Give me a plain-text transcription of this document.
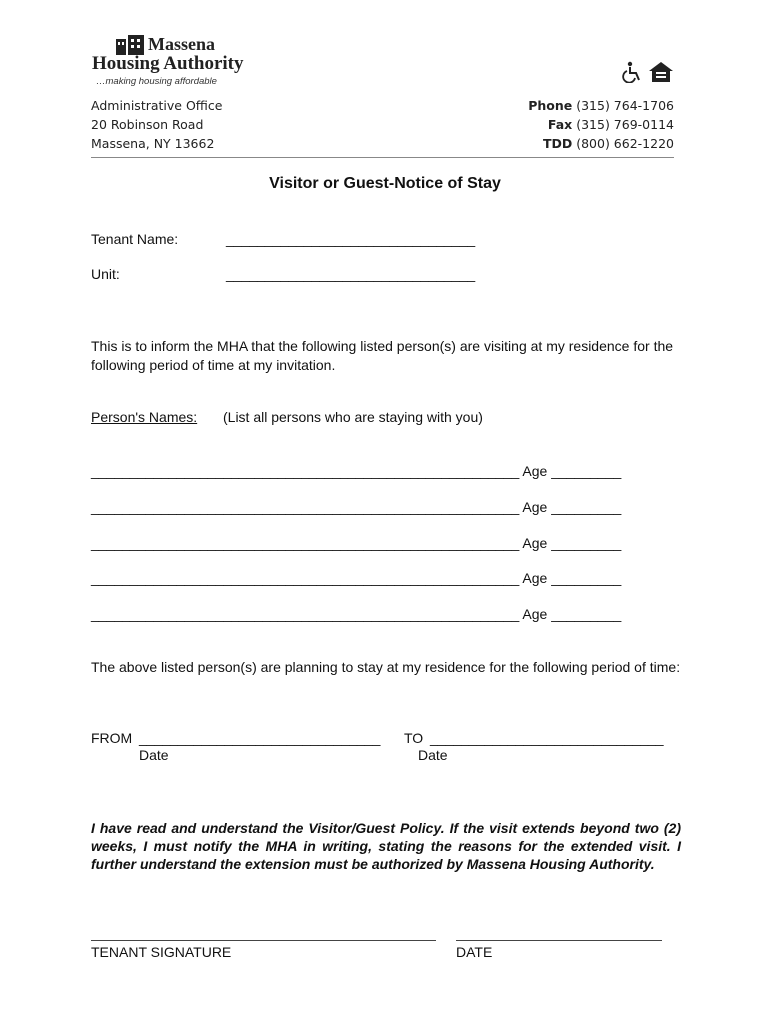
Massena
Housing Authority
…making housing affordable
Administrative Office
20 Robinson Road
Massena, NY 13662
Phone (315) 764-1706
Fax (315) 769-0114
TDD (800) 662-1220
Visitor or Guest-Notice of Stay
Tenant Name:	________________________________
Unit:	________________________________
This is to inform the MHA that the following listed person(s) are visiting at my residence for the following period of time at my invitation.
Person's Names: (List all persons who are staying with you)
_______________________________________________________ Age _________
_______________________________________________________ Age _________
_______________________________________________________ Age _________
_______________________________________________________ Age _________
_______________________________________________________ Age _________
The above listed person(s) are planning to stay at my residence for the following period of time:
FROM _______________________________ TO ______________________________
Date	Date
I have read and understand the Visitor/Guest Policy. If the visit extends beyond two (2) weeks, I must notify the MHA in writing, stating the reasons for the extended visit. I further understand the extension must be authorized by Massena Housing Authority.
TENANT SIGNATURE	DATE
